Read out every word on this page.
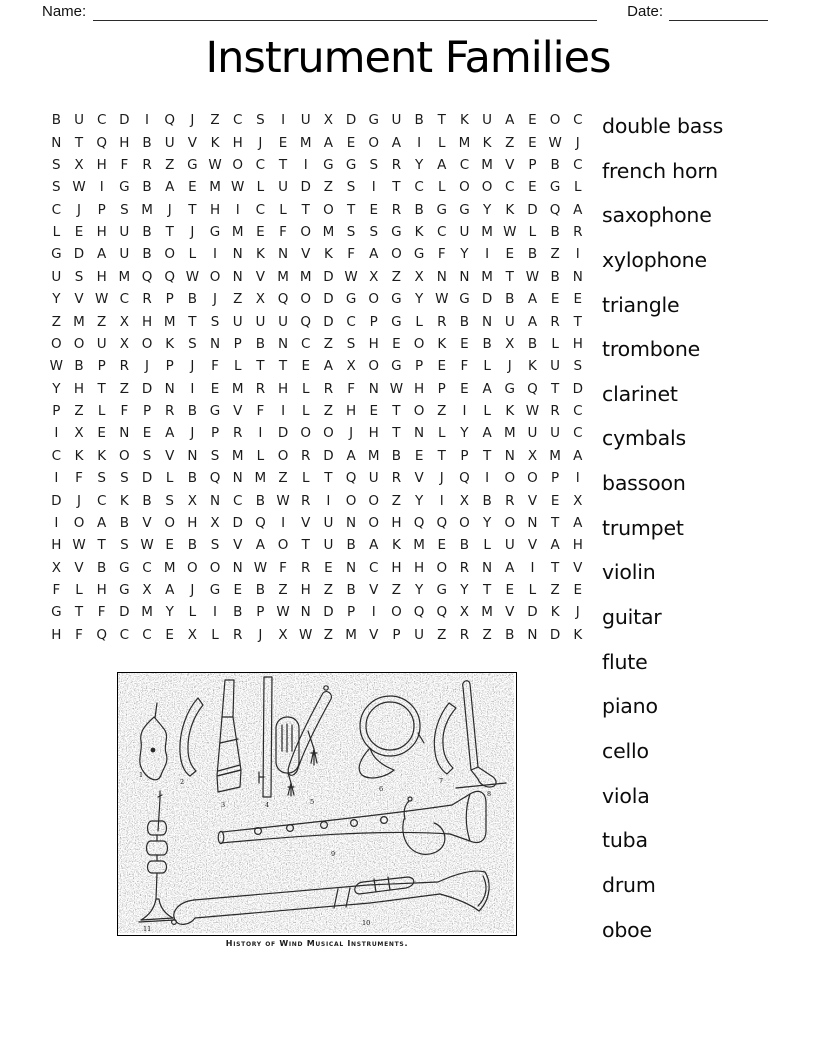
Name:	Date:
Instrument Families
B U C D	I	Q	J	Z C	S	I	U X D G U B	T	K U A	E O C
N T Q H B U V	K H	J	E M A	E O A	I	L M K	Z	E W	J
S	X H	F	R Z G W O C	T	I	G G S	R	Y	A C M V	P	B C
S W	I	G B A	E M W L	U D Z	S	I	T	C	L	O O C	E G	L
C	J	P	S M	J	T H	I	C	L	T O T	E	R B G G Y	K D Q A
L	E H U B	T	J	G M E	F O M S	S G K	C U M W L	B R
G D A U B O	L	I	N K N V	K	F	A O G	F	Y	I	E	B Z	I
U S H M Q Q W O N V M M D W X Z X N N M T W B N
Y	V W C R	P	B	J	Z X Q O D G O G Y W G D B A	E	E
Z M Z X H M T	S U U U Q D C	P G	L	R B N U A R	T
O O U X O K	S N	P	B N C Z	S H E O K	E	B X B	L	H
W B	P	R	J	P	J	F	L	T	T	E	A X O G P	E	F	L	J	K U S
Y H T	Z D N	I	E M R H	L	R	F	N W H	P	E	A G Q T D
P	Z	L	F	P	R B G V	F	I	L	Z H E	T O Z	I	L	K W R C
I	X	E N E	A	J	P	R	I	D O O	J	H T	N	L	Y	A M U U C
C	K	K O S	V N S M L	O R D A M B	E	T	P	T	N X M A
I	F	S	S D	L	B Q N M Z	L	T Q U R V	J	Q	I	O O P	I
D	J	C	K	B	S	X N C B W R	I	O O Z	Y	I	X B R V	E	X
I	O A B V O H X D Q	I	V U N O H Q Q O Y O N T	A
H W T	S W E	B	S	V A O T	U B A	K M E	B	L	U V A H
X V B G C M O O N W F	R	E N C H H O R N A	I	T	V
F	L	H G X A	J	G E	B Z H Z B V Z	Y G Y	T	E	L	Z	E
G T	F	D M Y	L	I	B	P W N D P	I	O Q Q X M V D K	J
H	F Q C C	E	X	L	R	J	X W Z M V	P	U Z R Z B N D K
double bass
french horn
saxophone
xylophone
triangle
trombone
clarinet
cymbals
bassoon
trumpet
violin
guitar
flute
piano
cello
viola
tuba
drum
oboe
1
2
3	4	5
6
7
8
9
10
11
History of Wind Musical Instruments.
